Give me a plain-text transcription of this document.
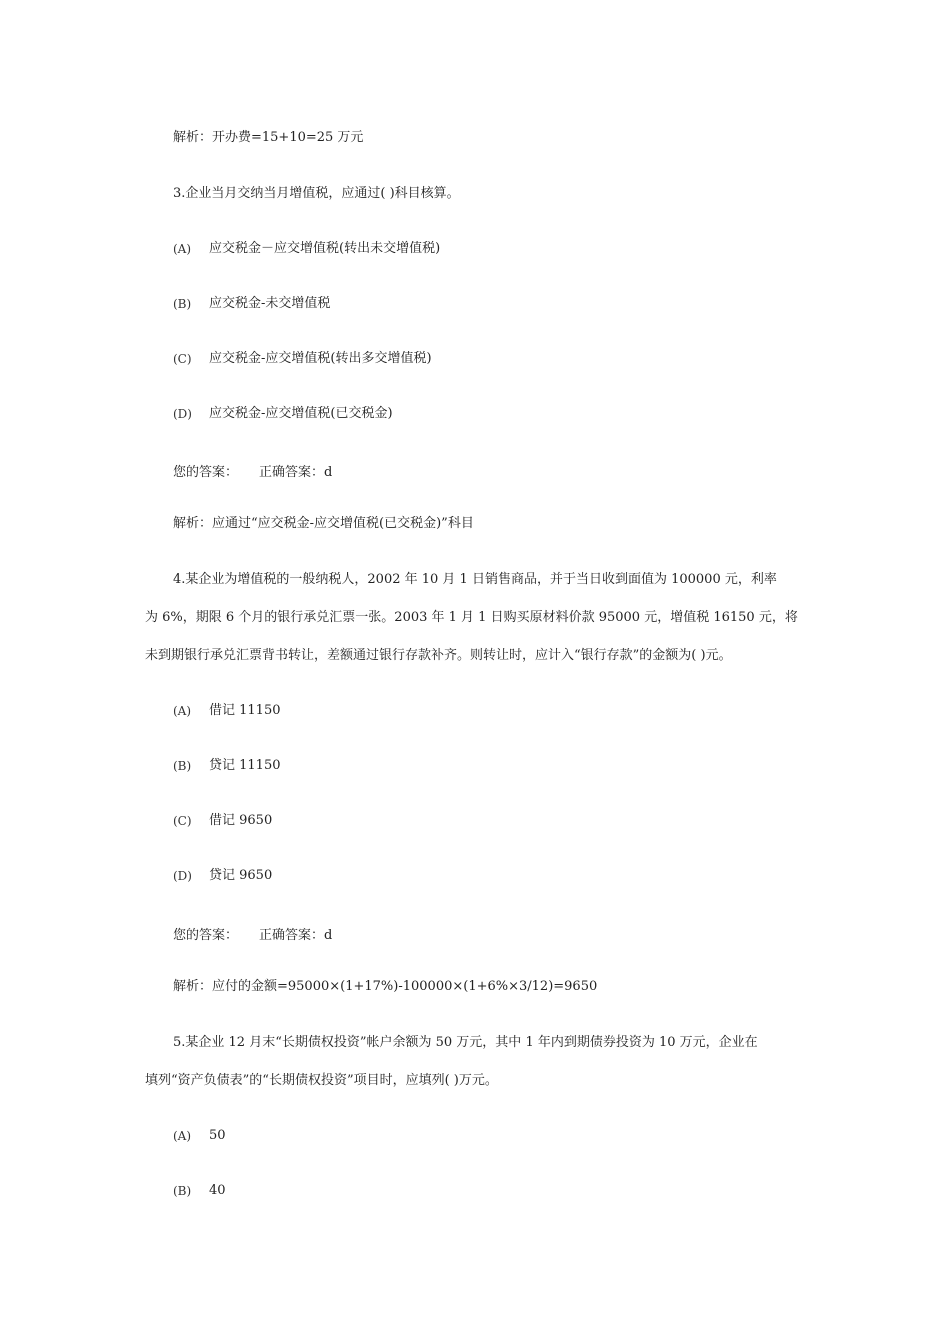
解析：开办费=15+10=25 万元
3.企业当月交纳当月增值税，应通过( )科目核算。
(A) 应交税金－应交增值税(转出未交增值税)
(B) 应交税金-未交增值税
(C) 应交税金-应交增值税(转出多交增值税)
(D) 应交税金-应交增值税(已交税金)
您的答案： 正确答案：d
解析：应通过“应交税金-应交增值税(已交税金)”科目
4.某企业为增值税的一般纳税人，2002 年 10 月 1 日销售商品，并于当日收到面值为 100000 元，利率
为 6%，期限 6 个月的银行承兑汇票一张。2003 年 1 月 1 日购买原材料价款 95000 元，增值税 16150 元，将
未到期银行承兑汇票背书转让，差额通过银行存款补齐。则转让时，应计入“银行存款”的金额为( )元。
(A) 借记 11150
(B) 贷记 11150
(C) 借记 9650
(D) 贷记 9650
您的答案： 正确答案：d
解析：应付的金额=95000×(1+17%)-100000×(1+6%×3/12)=9650
5.某企业 12 月末“长期债权投资”帐户余额为 50 万元，其中 1 年内到期债券投资为 10 万元，企业在
填列“资产负债表”的“长期债权投资”项目时，应填列( )万元。
(A) 50
(B) 40
